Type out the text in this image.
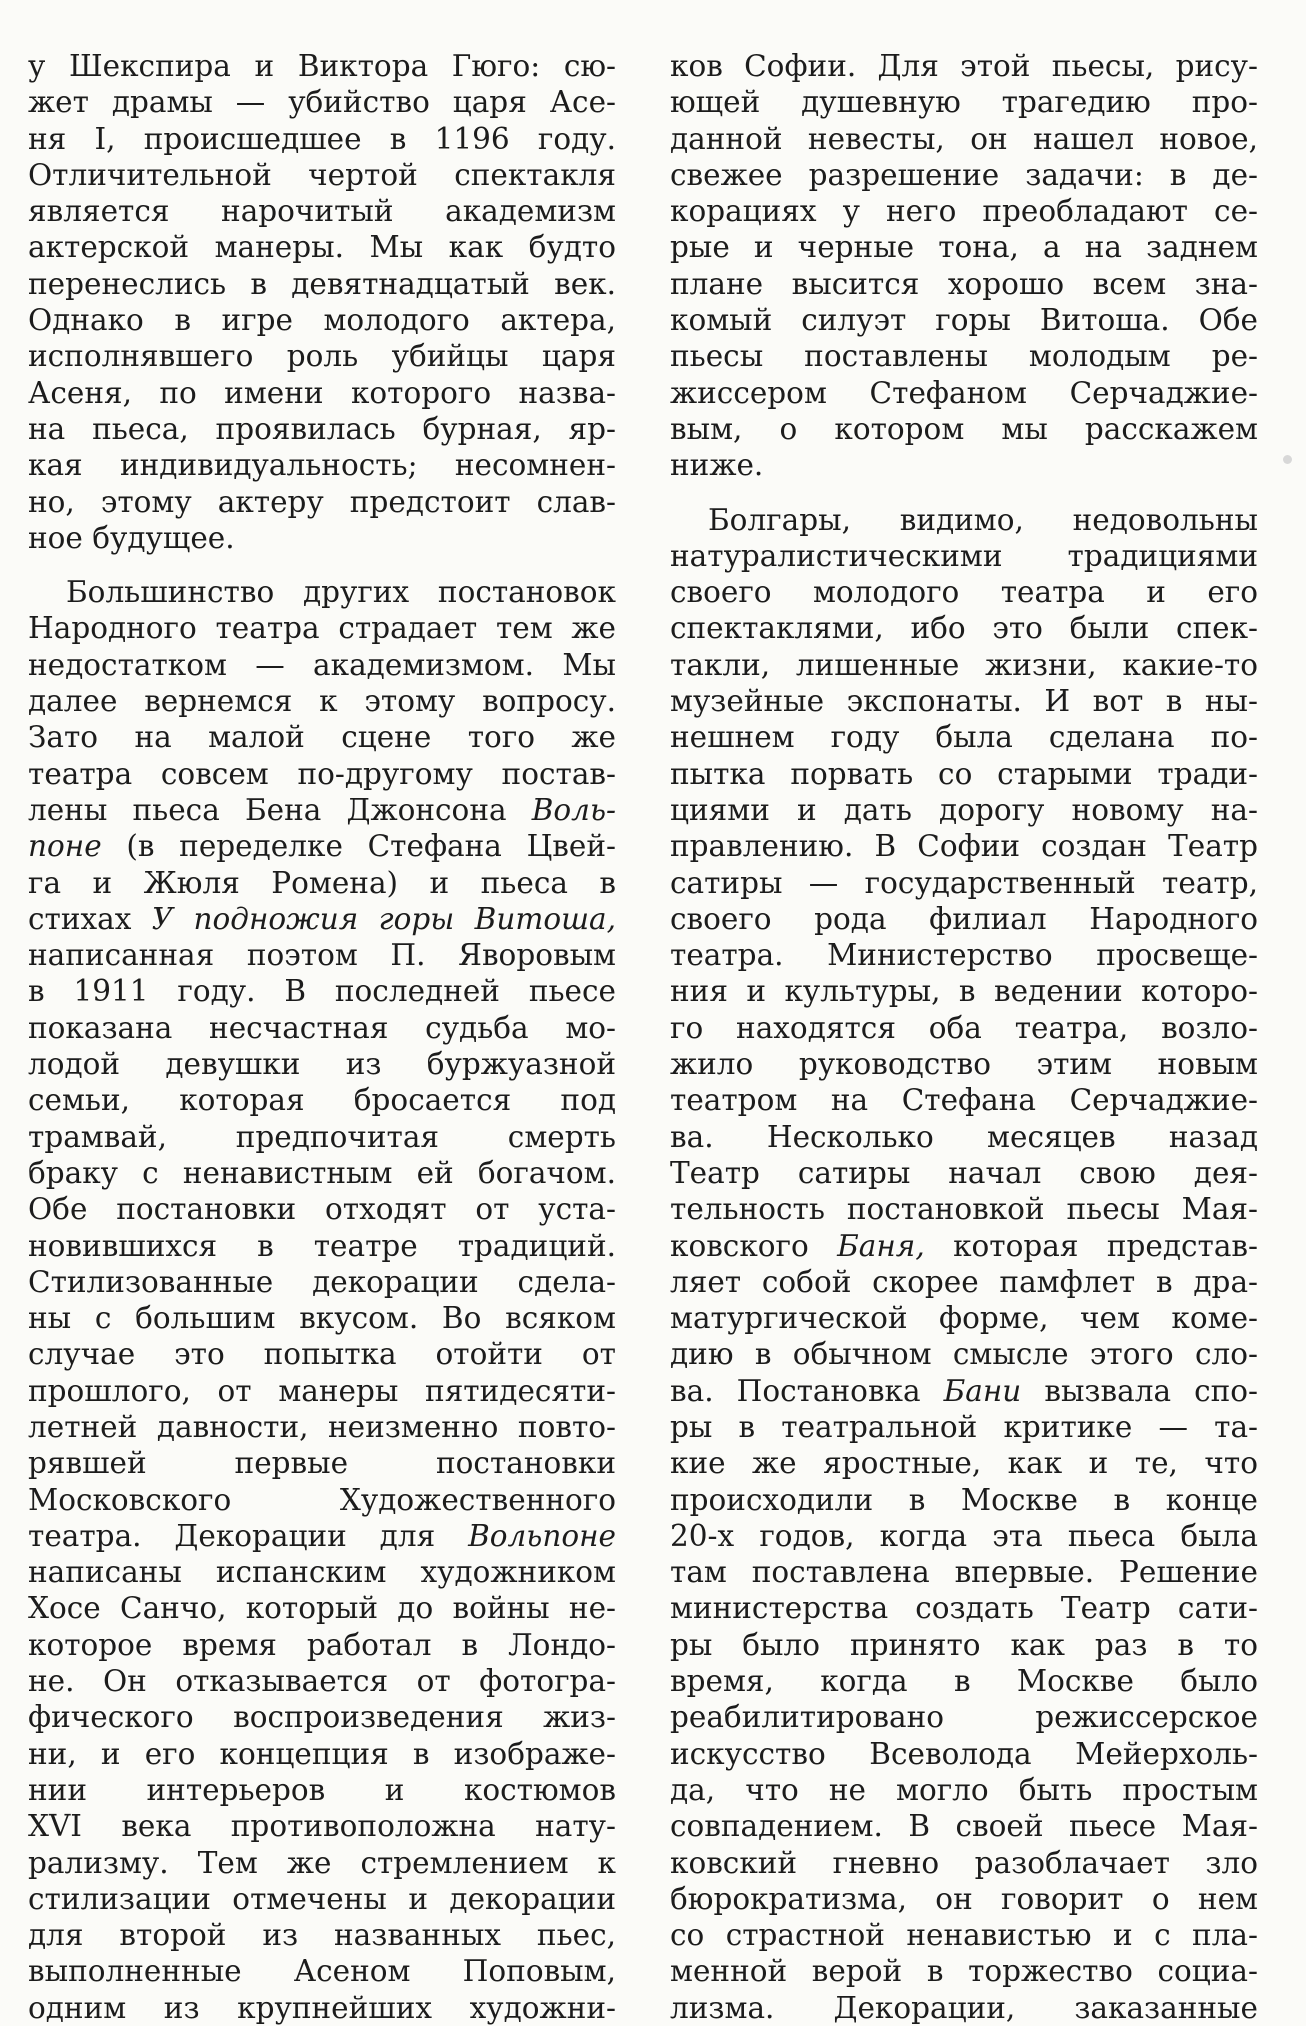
у Шекспира и Виктора Гюго: сю-
жет драмы — убийство царя Асе-
ня I, происшедшее в 1196 году.
Отличительной чертой спектакля
является нарочитый академизм
актерской манеры. Мы как будто
перенеслись в девятнадцатый век.
Однако в игре молодого актера,
исполнявшего роль убийцы царя
Асеня, по имени которого назва-
на пьеса, проявилась бурная, яр-
кая индивидуальность; несомнен-
но, этому актеру предстоит слав-
ное будущее.
Большинство других постановок
Народного театра страдает тем же
недостатком — академизмом. Мы
далее вернемся к этому вопросу.
Зато на малой сцене того же
театра совсем по-другому постав-
лены пьеса Бена Джонсона Воль-
поне (в переделке Стефана Цвей-
га и Жюля Ромена) и пьеса в
стихах У подножия горы Витоша,
написанная поэтом П. Яворовым
в 1911 году. В последней пьесе
показана несчастная судьба мо-
лодой девушки из буржуазной
семьи, которая бросается под
трамвай, предпочитая смерть
браку с ненавистным ей богачом.
Обе постановки отходят от уста-
новившихся в театре традиций.
Стилизованные декорации сдела-
ны с большим вкусом. Во всяком
случае это попытка отойти от
прошлого, от манеры пятидесяти-
летней давности, неизменно повто-
рявшей первые постановки
Московского Художественного
театра. Декорации для Вольпоне
написаны испанским художником
Хосе Санчо, который до войны не-
которое время работал в Лондо-
не. Он отказывается от фотогра-
фического воспроизведения жиз-
ни, и его концепция в изображе-
нии интерьеров и костюмов
XVI века противоположна нату-
рализму. Тем же стремлением к
стилизации отмечены и декорации
для второй из названных пьес,
выполненные Асеном Поповым,
одним из крупнейших художни-
ков Софии. Для этой пьесы, рису-
ющей душевную трагедию про-
данной невесты, он нашел новое,
свежее разрешение задачи: в де-
корациях у него преобладают се-
рые и черные тона, а на заднем
плане высится хорошо всем зна-
комый силуэт горы Витоша. Обе
пьесы поставлены молодым ре-
жиссером Стефаном Серчаджие-
вым, о котором мы расскажем
ниже.
Болгары, видимо, недовольны
натуралистическими традициями
своего молодого театра и его
спектаклями, ибо это были спек-
такли, лишенные жизни, какие-то
музейные экспонаты. И вот в ны-
нешнем году была сделана по-
пытка порвать со старыми тради-
циями и дать дорогу новому на-
правлению. В Софии создан Театр
сатиры — государственный театр,
своего рода филиал Народного
театра. Министерство просвеще-
ния и культуры, в ведении которо-
го находятся оба театра, возло-
жило руководство этим новым
театром на Стефана Серчаджие-
ва. Несколько месяцев назад
Театр сатиры начал свою дея-
тельность постановкой пьесы Мая-
ковского Баня, которая представ-
ляет собой скорее памфлет в дра-
матургической форме, чем коме-
дию в обычном смысле этого сло-
ва. Постановка Бани вызвала спо-
ры в театральной критике — та-
кие же яростные, как и те, что
происходили в Москве в конце
20-х годов, когда эта пьеса была
там поставлена впервые. Решение
министерства создать Театр сати-
ры было принято как раз в то
время, когда в Москве было
реабилитировано режиссерское
искусство Всеволода Мейерхоль-
да, что не могло быть простым
совпадением. В своей пьесе Мая-
ковский гневно разоблачает зло
бюрократизма, он говорит о нем
со страстной ненавистью и с пла-
менной верой в торжество социа-
лизма. Декорации, заказанные
